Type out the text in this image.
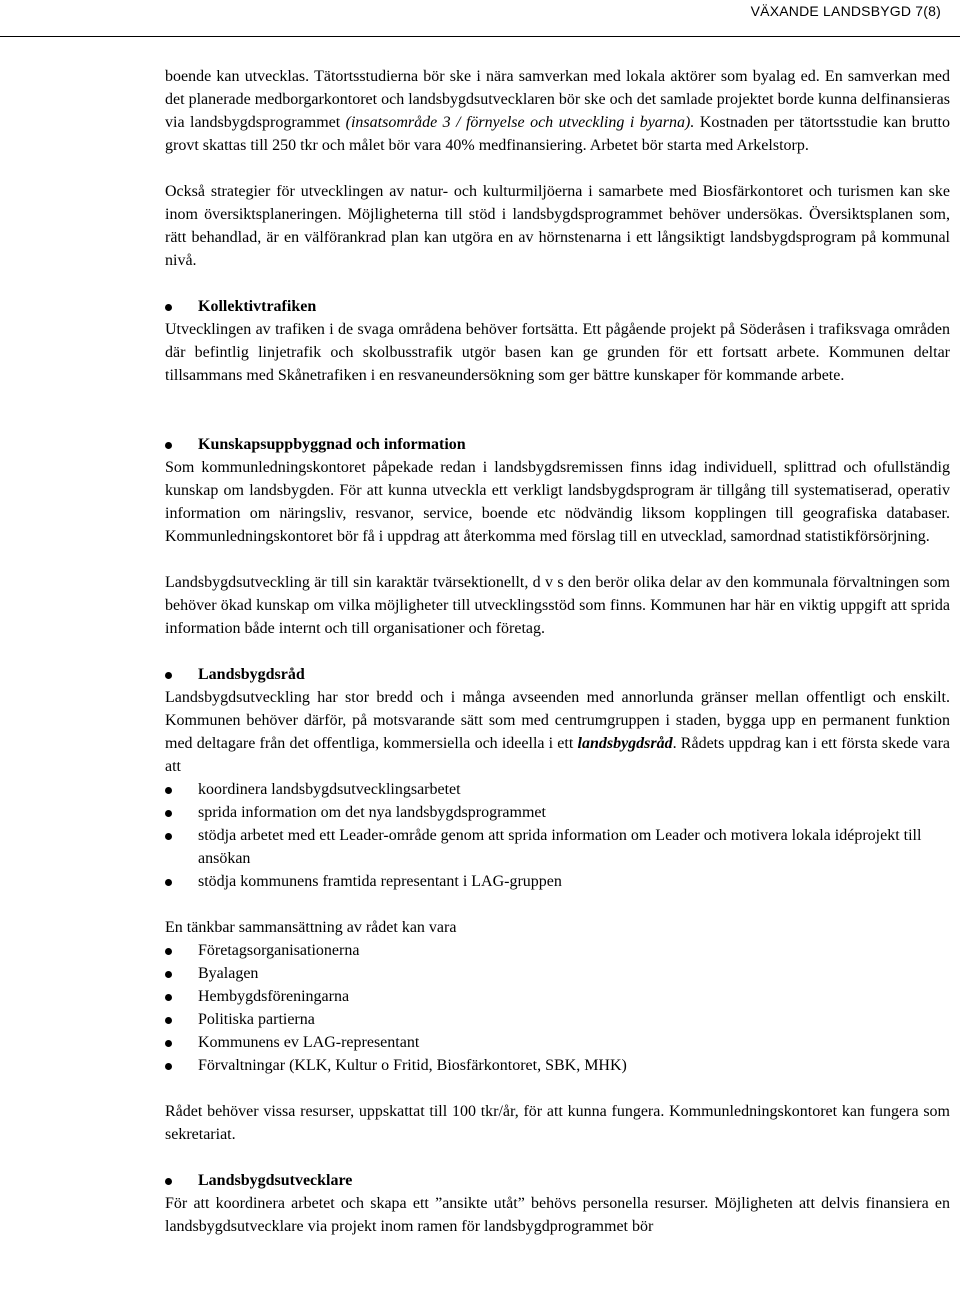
VÄXANDE LANDSBYGD 7(8)

boende kan utvecklas. Tätortsstudierna bör ske i nära samverkan med lokala aktörer som byalag ed. En samverkan med det planerade medborgarkontoret och landsbygdsutvecklaren bör ske och det samlade projektet borde kunna delfinansieras via landsbygdsprogrammet (insatsområde 3 / förnyelse och utveckling i byarna). Kostnaden per tätortsstudie kan brutto grovt skattas till 250 tkr och målet bör vara 40% medfinansiering. Arbetet bör starta med Arkelstorp.

Också strategier för utvecklingen av natur- och kulturmiljöerna i samarbete med Biosfärkontoret och turismen kan ske inom översiktsplaneringen. Möjligheterna till stöd i landsbygdsprogrammet behöver undersökas. Översiktsplanen som, rätt behandlad, är en välförankrad plan kan utgöra en av hörnstenarna i ett långsiktigt landsbygdsprogram på kommunal nivå.

Kollektivtrafiken

Utvecklingen av trafiken i de svaga områdena behöver fortsätta. Ett pågående projekt på Söderåsen i trafiksvaga områden där befintlig linjetrafik och skolbusstrafik utgör basen kan ge grunden för ett fortsatt arbete. Kommunen deltar tillsammans med Skånetrafiken i en resvaneundersökning som ger bättre kunskaper för kommande arbete.

Kunskapsuppbyggnad och information

Som kommunledningskontoret påpekade redan i landsbygdsremissen finns idag individuell, splittrad och ofullständig kunskap om landsbygden. För att kunna utveckla ett verkligt landsbygdsprogram är tillgång till systematiserad, operativ information om näringsliv, resvanor, service, boende etc nödvändig liksom kopplingen till geografiska databaser. Kommunledningskontoret bör få i uppdrag att återkomma med förslag till en utvecklad, samordnad statistikförsörjning.

Landsbygdsutveckling är till sin karaktär tvärsektionellt, d v s den berör olika delar av den kommunala förvaltningen som behöver ökad kunskap om vilka möjligheter till utvecklingsstöd som finns. Kommunen har här en viktig uppgift att sprida information både internt och till organisationer och företag.

Landsbygdsråd

Landsbygdsutveckling har stor bredd och i många avseenden med annorlunda gränser mellan offentligt och enskilt. Kommunen behöver därför, på motsvarande sätt som med centrumgruppen i staden, bygga upp en permanent funktion med deltagare från det offentliga, kommersiella och ideella i ett landsbygdsråd. Rådets uppdrag kan i ett första skede vara att

koordinera landsbygdsutvecklingsarbetet
sprida information om det nya landsbygdsprogrammet
stödja arbetet med ett Leader-område genom att sprida information om Leader och motivera lokala idéprojekt till ansökan
stödja kommunens framtida representant i LAG-gruppen

En tänkbar sammansättning av rådet kan vara

Företagsorganisationerna
Byalagen
Hembygdsföreningarna
Politiska partierna
Kommunens ev LAG-representant
Förvaltningar (KLK, Kultur o Fritid, Biosfärkontoret, SBK, MHK)

Rådet behöver vissa resurser, uppskattat till 100 tkr/år, för att kunna fungera. Kommunledningskontoret kan fungera som sekretariat.

Landsbygdsutvecklare

För att koordinera arbetet och skapa ett ”ansikte utåt” behövs personella resurser. Möjligheten att delvis finansiera en landsbygdsutvecklare via projekt inom ramen för landsbygdprogrammet bör
